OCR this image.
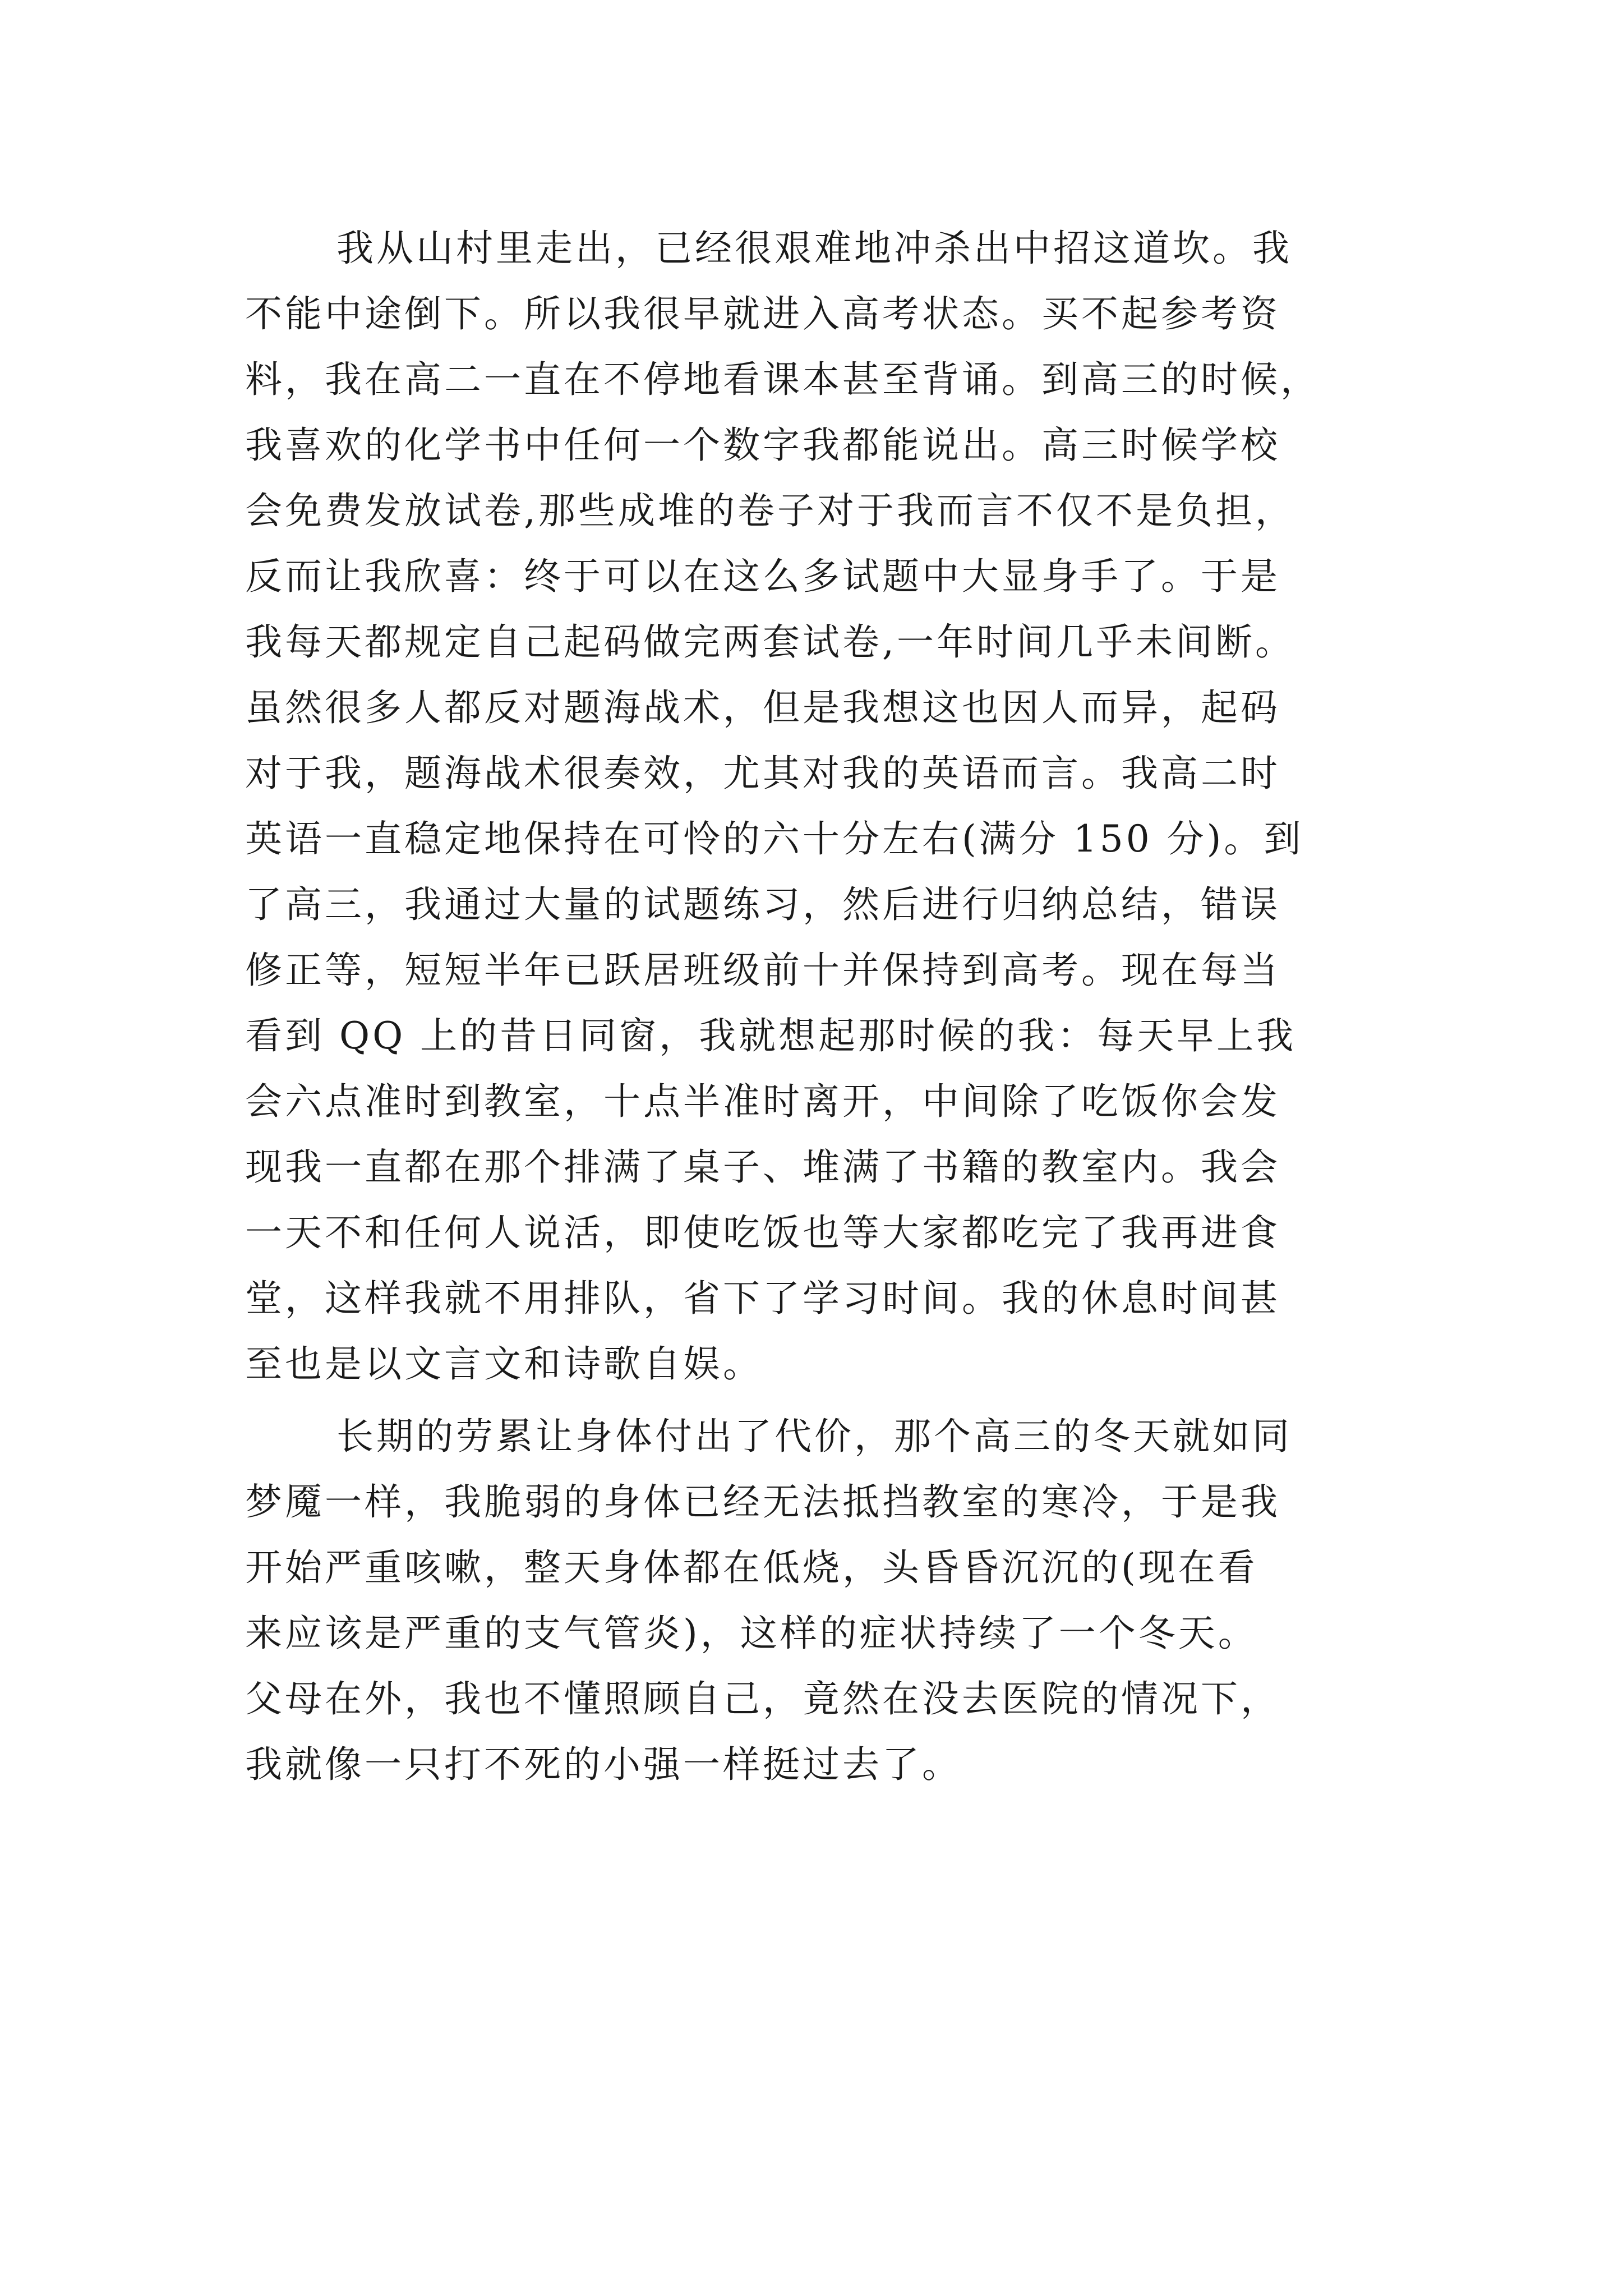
我从山村里走出，已经很艰难地冲杀出中招这道坎。我
不能中途倒下。所以我很早就进入高考状态。买不起参考资
料，我在高二一直在不停地看课本甚至背诵。到高三的时候，
我喜欢的化学书中任何一个数字我都能说出。高三时候学校
会免费发放试卷,那些成堆的卷子对于我而言不仅不是负担，
反而让我欣喜：终于可以在这么多试题中大显身手了。于是
我每天都规定自己起码做完两套试卷,一年时间几乎未间断。
虽然很多人都反对题海战术，但是我想这也因人而异，起码
对于我，题海战术很奏效，尤其对我的英语而言。我高二时
英语一直稳定地保持在可怜的六十分左右(满分 150 分)。到
了高三，我通过大量的试题练习，然后进行归纳总结，错误
修正等，短短半年已跃居班级前十并保持到高考。现在每当
看到 QQ 上的昔日同窗，我就想起那时候的我：每天早上我
会六点准时到教室，十点半准时离开，中间除了吃饭你会发
现我一直都在那个排满了桌子、堆满了书籍的教室内。我会
一天不和任何人说活，即使吃饭也等大家都吃完了我再进食
堂，这样我就不用排队，省下了学习时间。我的休息时间甚
至也是以文言文和诗歌自娱。
长期的劳累让身体付出了代价，那个高三的冬天就如同
梦魇一样，我脆弱的身体已经无法抵挡教室的寒冷，于是我
开始严重咳嗽，整天身体都在低烧，头昏昏沉沉的(现在看
来应该是严重的支气管炎)，这样的症状持续了一个冬天。
父母在外，我也不懂照顾自己，竟然在没去医院的情况下，
我就像一只打不死的小强一样挺过去了。
